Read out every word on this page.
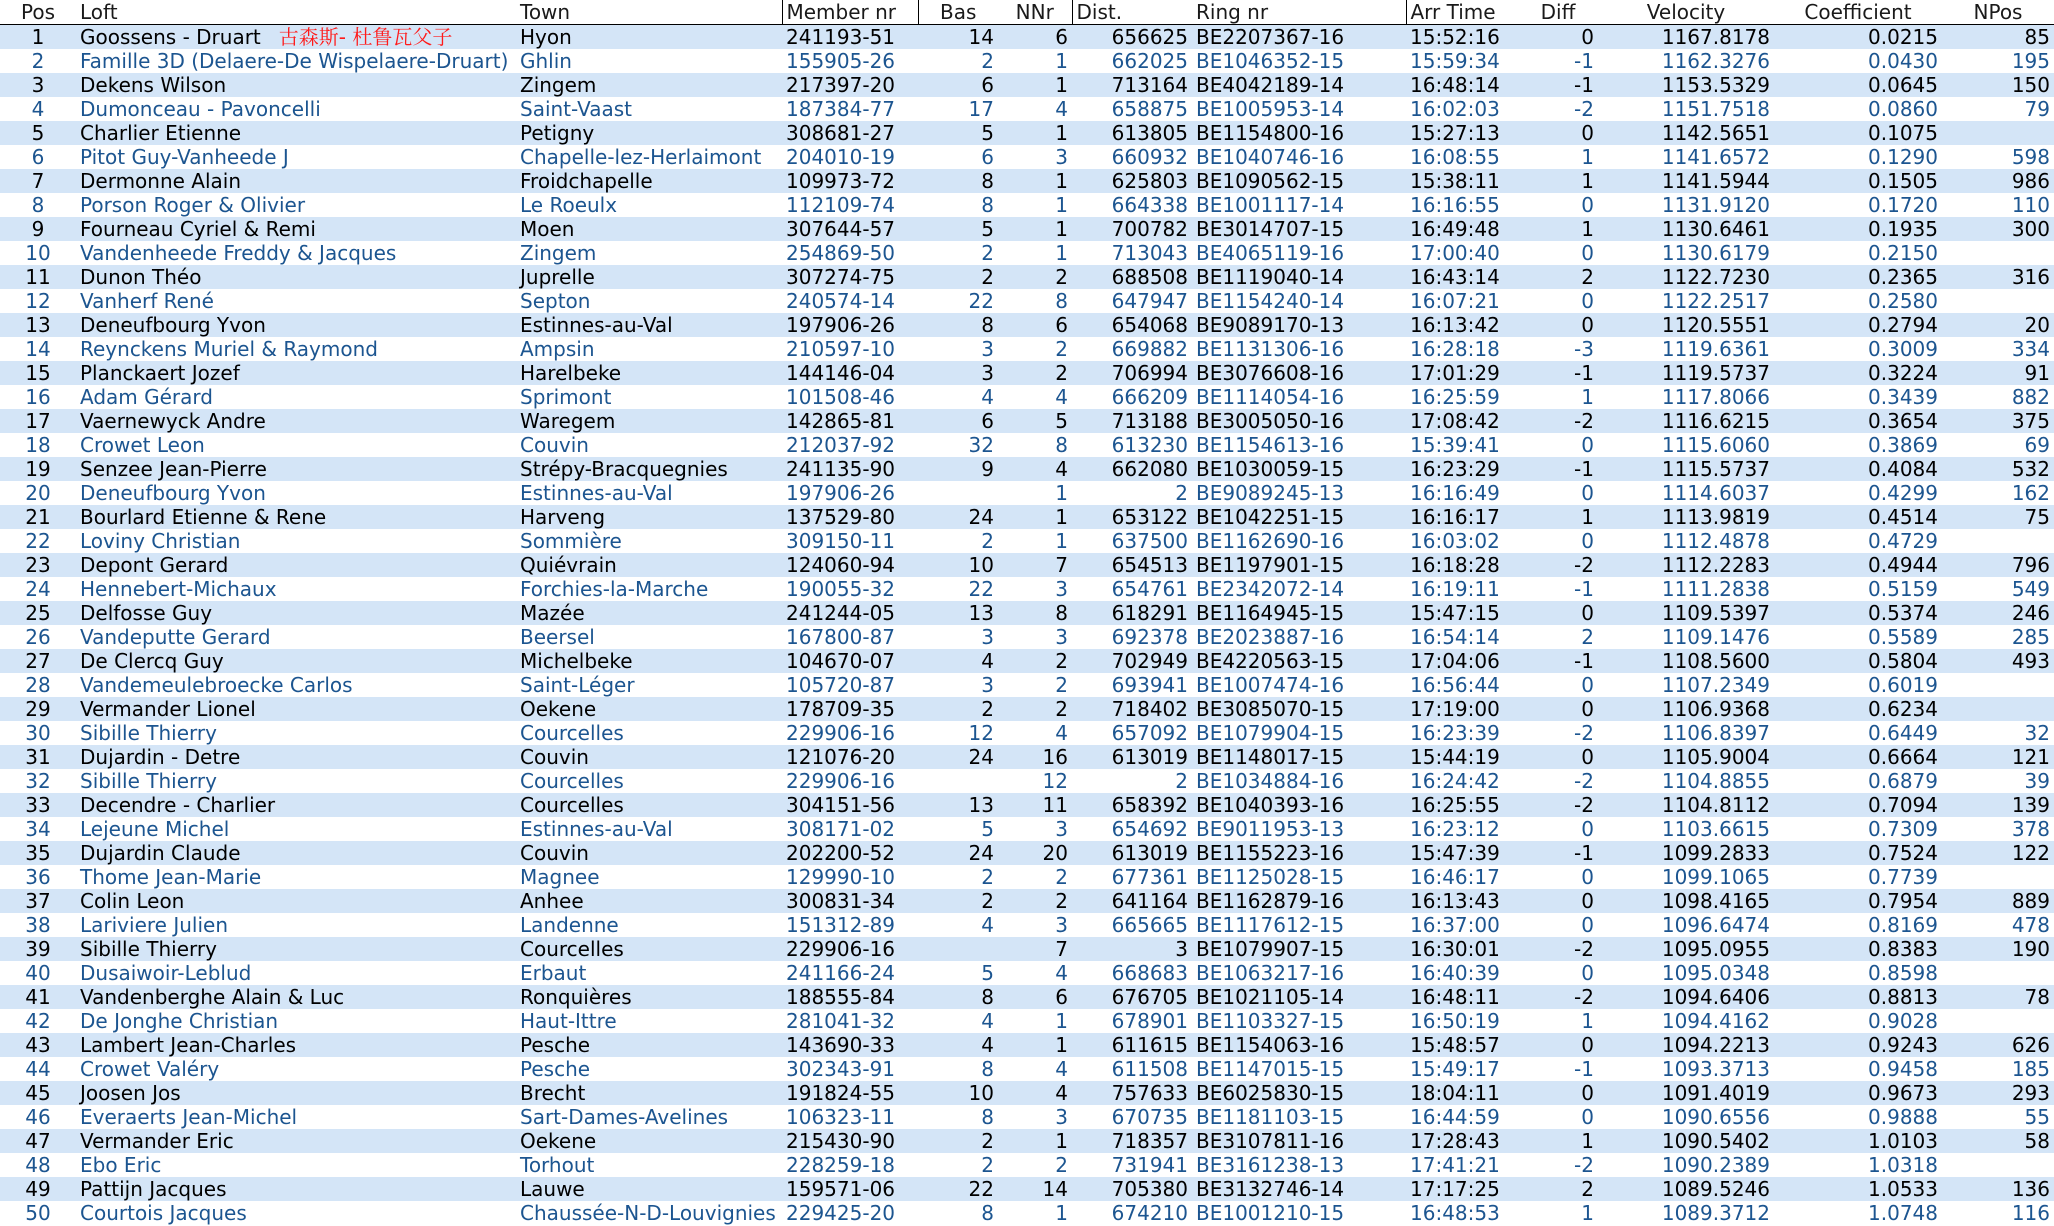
Pos	Loft	Town	Member nr	Bas	NNr	Dist.	Ring nr	Arr Time	Diff	Velocity	Coefficient	NPos
1	Goossens - Druart 古森斯- 杜鲁瓦父子	Hyon	241193-51	14	6	656625	BE2207367-16	15:52:16	0	1167.8178	0.0215	85
2	Famille 3D (Delaere-De Wispelaere-Druart)	Ghlin	155905-26	2	1	662025	BE1046352-15	15:59:34	-1	1162.3276	0.0430	195
3	Dekens Wilson	Zingem	217397-20	6	1	713164	BE4042189-14	16:48:14	-1	1153.5329	0.0645	150
4	Dumonceau - Pavoncelli	Saint-Vaast	187384-77	17	4	658875	BE1005953-14	16:02:03	-2	1151.7518	0.0860	79
5	Charlier Etienne	Petigny	308681-27	5	1	613805	BE1154800-16	15:27:13	0	1142.5651	0.1075	
6	Pitot Guy-Vanheede J	Chapelle-lez-Herlaimont	204010-19	6	3	660932	BE1040746-16	16:08:55	1	1141.6572	0.1290	598
7	Dermonne Alain	Froidchapelle	109973-72	8	1	625803	BE1090562-15	15:38:11	1	1141.5944	0.1505	986
8	Porson Roger & Olivier	Le Roeulx	112109-74	8	1	664338	BE1001117-14	16:16:55	0	1131.9120	0.1720	110
9	Fourneau Cyriel & Remi	Moen	307644-57	5	1	700782	BE3014707-15	16:49:48	1	1130.6461	0.1935	300
10	Vandenheede Freddy & Jacques	Zingem	254869-50	2	1	713043	BE4065119-16	17:00:40	0	1130.6179	0.2150	
11	Dunon Théo	Juprelle	307274-75	2	2	688508	BE1119040-14	16:43:14	2	1122.7230	0.2365	316
12	Vanherf René	Septon	240574-14	22	8	647947	BE1154240-14	16:07:21	0	1122.2517	0.2580	
13	Deneufbourg Yvon	Estinnes-au-Val	197906-26	8	6	654068	BE9089170-13	16:13:42	0	1120.5551	0.2794	20
14	Reynckens Muriel & Raymond	Ampsin	210597-10	3	2	669882	BE1131306-16	16:28:18	-3	1119.6361	0.3009	334
15	Planckaert Jozef	Harelbeke	144146-04	3	2	706994	BE3076608-16	17:01:29	-1	1119.5737	0.3224	91
16	Adam Gérard	Sprimont	101508-46	4	4	666209	BE1114054-16	16:25:59	1	1117.8066	0.3439	882
17	Vaernewyck Andre	Waregem	142865-81	6	5	713188	BE3005050-16	17:08:42	-2	1116.6215	0.3654	375
18	Crowet Leon	Couvin	212037-92	32	8	613230	BE1154613-16	15:39:41	0	1115.6060	0.3869	69
19	Senzee Jean-Pierre	Strépy-Bracquegnies	241135-90	9	4	662080	BE1030059-15	16:23:29	-1	1115.5737	0.4084	532
20	Deneufbourg Yvon	Estinnes-au-Val	197906-26		1	2	BE9089245-13	16:16:49	0	1114.6037	0.4299	162
21	Bourlard Etienne & Rene	Harveng	137529-80	24	1	653122	BE1042251-15	16:16:17	1	1113.9819	0.4514	75
22	Loviny Christian	Sommière	309150-11	2	1	637500	BE1162690-16	16:03:02	0	1112.4878	0.4729	
23	Depont Gerard	Quiévrain	124060-94	10	7	654513	BE1197901-15	16:18:28	-2	1112.2283	0.4944	796
24	Hennebert-Michaux	Forchies-la-Marche	190055-32	22	3	654761	BE2342072-14	16:19:11	-1	1111.2838	0.5159	549
25	Delfosse Guy	Mazée	241244-05	13	8	618291	BE1164945-15	15:47:15	0	1109.5397	0.5374	246
26	Vandeputte Gerard	Beersel	167800-87	3	3	692378	BE2023887-16	16:54:14	2	1109.1476	0.5589	285
27	De Clercq Guy	Michelbeke	104670-07	4	2	702949	BE4220563-15	17:04:06	-1	1108.5600	0.5804	493
28	Vandemeulebroecke Carlos	Saint-Léger	105720-87	3	2	693941	BE1007474-16	16:56:44	0	1107.2349	0.6019	
29	Vermander Lionel	Oekene	178709-35	2	2	718402	BE3085070-15	17:19:00	0	1106.9368	0.6234	
30	Sibille Thierry	Courcelles	229906-16	12	4	657092	BE1079904-15	16:23:39	-2	1106.8397	0.6449	32
31	Dujardin - Detre	Couvin	121076-20	24	16	613019	BE1148017-15	15:44:19	0	1105.9004	0.6664	121
32	Sibille Thierry	Courcelles	229906-16		12	2	BE1034884-16	16:24:42	-2	1104.8855	0.6879	39
33	Decendre - Charlier	Courcelles	304151-56	13	11	658392	BE1040393-16	16:25:55	-2	1104.8112	0.7094	139
34	Lejeune Michel	Estinnes-au-Val	308171-02	5	3	654692	BE9011953-13	16:23:12	0	1103.6615	0.7309	378
35	Dujardin Claude	Couvin	202200-52	24	20	613019	BE1155223-16	15:47:39	-1	1099.2833	0.7524	122
36	Thome Jean-Marie	Magnee	129990-10	2	2	677361	BE1125028-15	16:46:17	0	1099.1065	0.7739	
37	Colin Leon	Anhee	300831-34	2	2	641164	BE1162879-16	16:13:43	0	1098.4165	0.7954	889
38	Lariviere Julien	Landenne	151312-89	4	3	665665	BE1117612-15	16:37:00	0	1096.6474	0.8169	478
39	Sibille Thierry	Courcelles	229906-16		7	3	BE1079907-15	16:30:01	-2	1095.0955	0.8383	190
40	Dusaiwoir-Leblud	Erbaut	241166-24	5	4	668683	BE1063217-16	16:40:39	0	1095.0348	0.8598	
41	Vandenberghe Alain & Luc	Ronquières	188555-84	8	6	676705	BE1021105-14	16:48:11	-2	1094.6406	0.8813	78
42	De Jonghe Christian	Haut-Ittre	281041-32	4	1	678901	BE1103327-15	16:50:19	1	1094.4162	0.9028	
43	Lambert Jean-Charles	Pesche	143690-33	4	1	611615	BE1154063-16	15:48:57	0	1094.2213	0.9243	626
44	Crowet Valéry	Pesche	302343-91	8	4	611508	BE1147015-15	15:49:17	-1	1093.3713	0.9458	185
45	Joosen Jos	Brecht	191824-55	10	4	757633	BE6025830-15	18:04:11	0	1091.4019	0.9673	293
46	Everaerts Jean-Michel	Sart-Dames-Avelines	106323-11	8	3	670735	BE1181103-15	16:44:59	0	1090.6556	0.9888	55
47	Vermander Eric	Oekene	215430-90	2	1	718357	BE3107811-16	17:28:43	1	1090.5402	1.0103	58
48	Ebo Eric	Torhout	228259-18	2	2	731941	BE3161238-13	17:41:21	-2	1090.2389	1.0318	
49	Pattijn Jacques	Lauwe	159571-06	22	14	705380	BE3132746-14	17:17:25	2	1089.5246	1.0533	136
50	Courtois Jacques	Chaussée-N-D-Louvignies	229425-20	8	1	674210	BE1001210-15	16:48:53	1	1089.3712	1.0748	116
